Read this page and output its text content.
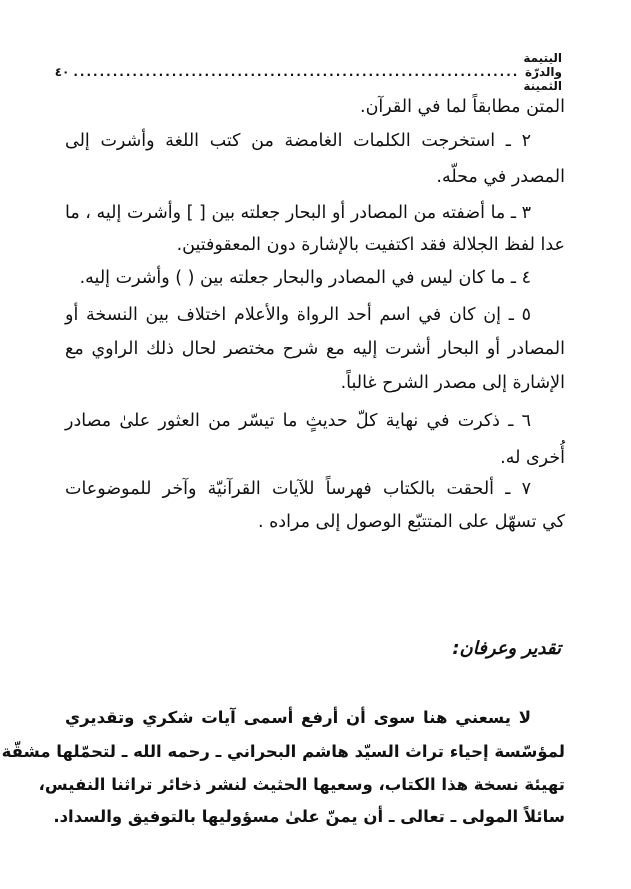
اليتيمة والدرّة الثمينة
....................................................................
٤٠
المتن مطابقاً لما في القرآن.
٢ ـ استخرجت الكلمات الغامضة من كتب اللغة وأشرت إلى
المصدر في محلّه.
٣ ـ ما أضفته من المصادر أو البحار جعلته بين [ ] وأشرت إليه ، ما
عدا لفظ الجلالة فقد اكتفيت بالإشارة دون المعقوفتين.
٤ ـ ما كان ليس في المصادر والبحار جعلته بين ( ) وأشرت إليه.
٥ ـ إن كان في اسم أحد الرواة والأعلام اختلاف بين النسخة أو
المصادر أو البحار أشرت إليه مع شرح مختصر لحال ذلك الراوي مع
الإشارة إلى مصدر الشرح غالباً.
٦ ـ ذكرت في نهاية كلّ حديثٍ ما تيسّر من العثور علىٰ مصادر
أُخرى له.
٧ ـ ألحقت بالكتاب فهرساً للآيات القرآنيّة وآخر للموضوعات
كي تسهّل على المتتبّع الوصول إلى مراده .
تقدير وعرفان:
لا يسعني هنا سوى أن أرفع أسمى آيات شكري وتقديري
لمؤسّسة إحياء تراث السيّد هاشم البحراني ـ رحمه الله ـ لتحمّلها مشقّة
تهيئة نسخة هذا الكتاب، وسعيها الحثيث لنشر ذخائر تراثنا النفيس،
سائلاً المولى ـ تعالى ـ أن يمنّ علىٰ مسؤوليها بالتوفيق والسداد.
